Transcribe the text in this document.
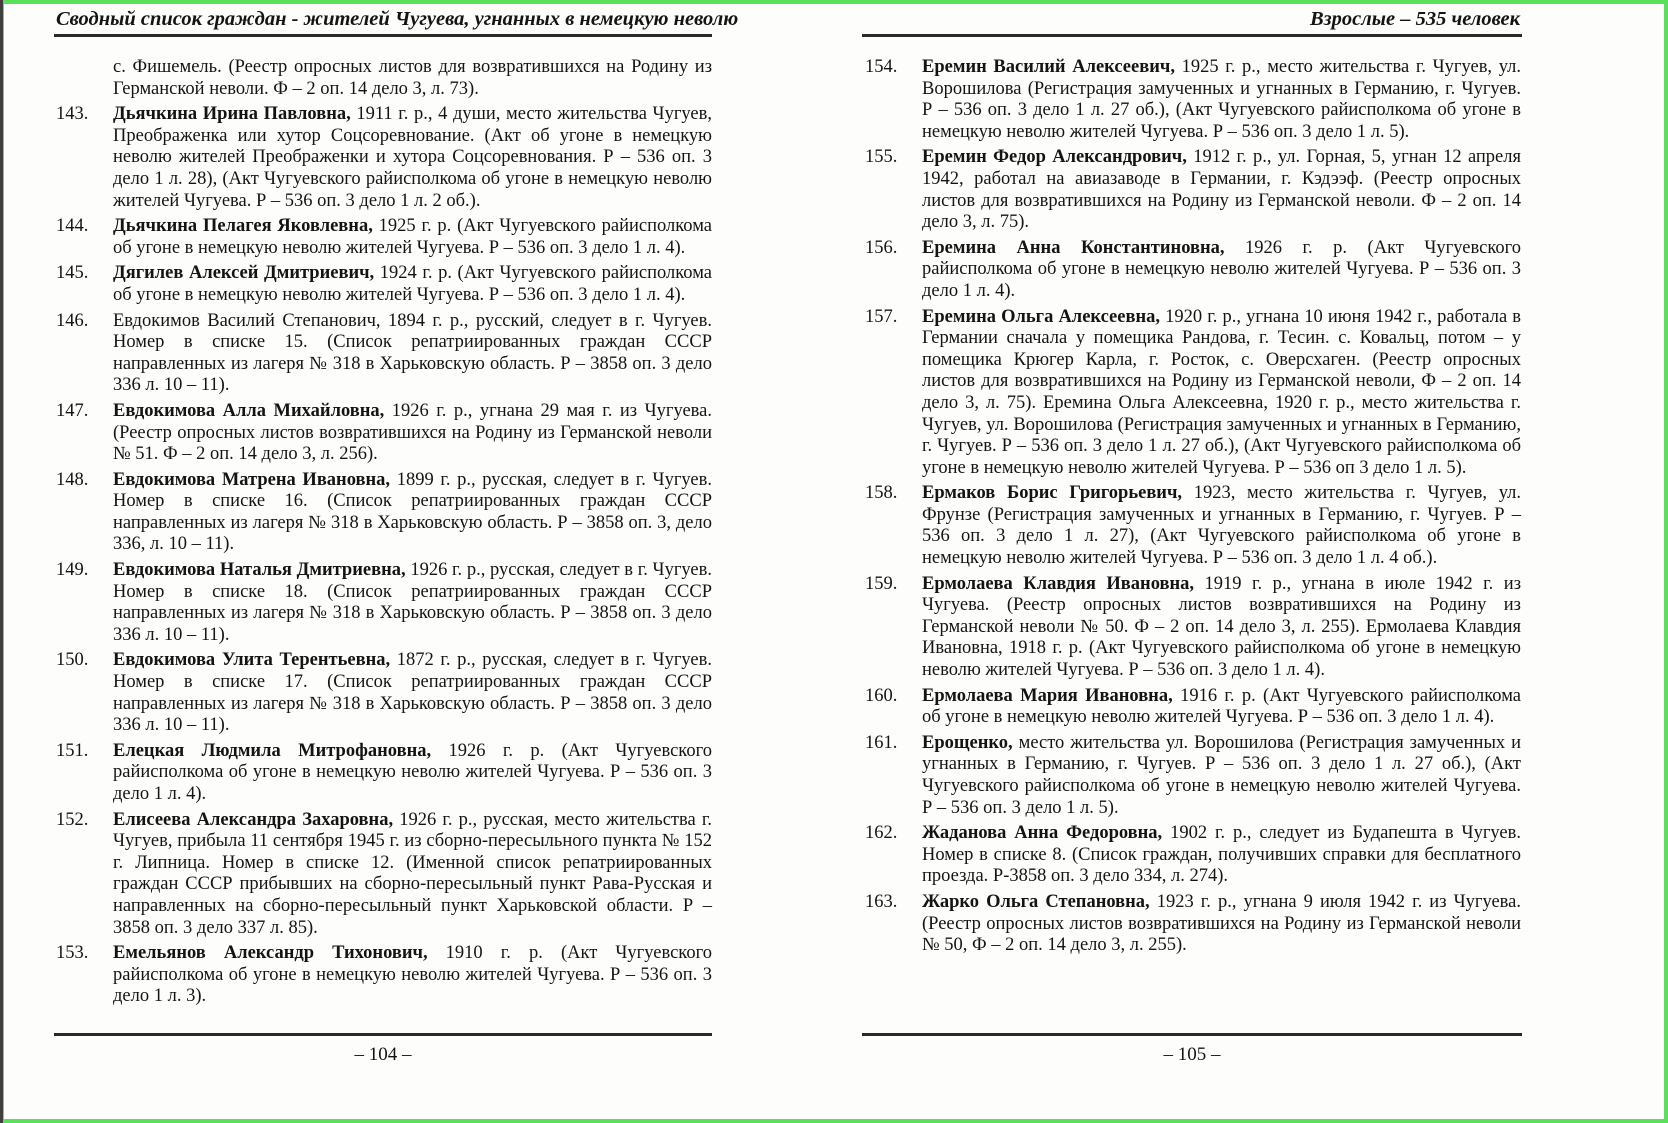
Сводный список граждан - жителей Чугуева, угнанных в немецкую неволю	Взрослые – 535 человек

с. Фишемель. (Реестр опросных листов для возвратившихся на Родину из Германской неволи. Ф – 2 оп. 14 дело 3, л. 73).

143.	Дьячкина Ирина Павловна, 1911 г. р., 4 души, место жительства Чугуев, Преображенка или хутор Соцсоревнование. (Акт об угоне в немецкую неволю жителей Преображенки и хутора Соцсоревнования. Р – 536 оп. 3 дело 1 л. 28), (Акт Чугуевского райисполкома об угоне в немецкую неволю жителей Чугуева. Р – 536 оп. 3 дело 1 л. 2 об.).

144.	Дьячкина Пелагея Яковлевна, 1925 г. р. (Акт Чугуевского райисполкома об угоне в немецкую неволю жителей Чугуева. Р – 536 оп. 3 дело 1 л. 4).

145.	Дягилев Алексей Дмитриевич, 1924 г. р. (Акт Чугуевского райисполкома об угоне в немецкую неволю жителей Чугуева. Р – 536 оп. 3 дело 1 л. 4).

146.	Евдокимов Василий Степанович, 1894 г. р., русский, следует в г. Чугуев. Номер в списке 15. (Список репатриированных граждан СССР направленных из лагеря № 318 в Харьковскую область. Р – 3858 оп. 3 дело 336 л. 10 – 11).

147.	Евдокимова Алла Михайловна, 1926 г. р., угнана 29 мая г. из Чугуева. (Реестр опросных листов возвратившихся на Родину из Германской неволи № 51. Ф – 2 оп. 14 дело 3, л. 256).

148.	Евдокимова Матрена Ивановна, 1899 г. р., русская, следует в г. Чугуев. Номер в списке 16. (Список репатриированных граждан СССР направленных из лагеря № 318 в Харьковскую область. Р – 3858 оп. 3, дело 336, л. 10 – 11).

149.	Евдокимова Наталья Дмитриевна, 1926 г. р., русская, следует в г. Чугуев. Номер в списке 18. (Список репатриированных граждан СССР направленных из лагеря № 318 в Харьковскую область. Р – 3858 оп. 3 дело 336 л. 10 – 11).

150.	Евдокимова Улита Терентьевна, 1872 г. р., русская, следует в г. Чугуев. Номер в списке 17. (Список репатриированных граждан СССР направленных из лагеря № 318 в Харьковскую область. Р – 3858 оп. 3 дело 336 л. 10 – 11).

151.	Елецкая Людмила Митрофановна, 1926 г. р. (Акт Чугуевского райисполкома об угоне в немецкую неволю жителей Чугуева. Р – 536 оп. 3 дело 1 л. 4).

152.	Елисеева Александра Захаровна, 1926 г. р., русская, место жительства г. Чугуев, прибыла 11 сентября 1945 г. из сборно-пересыльного пункта № 152 г. Липница. Номер в списке 12. (Именной список репатриированных граждан СССР прибывших на сборно-пересыльный пункт Рава-Русская и направленных на сборно-пересыльный пункт Харьковской области. Р – 3858 оп. 3 дело 337 л. 85).

153.	Емельянов Александр Тихонович, 1910 г. р. (Акт Чугуевского райисполкома об угоне в немецкую неволю жителей Чугуева. Р – 536 оп. 3 дело 1 л. 3).

154.	Еремин Василий Алексеевич, 1925 г. р., место жительства г. Чугуев, ул. Ворошилова (Регистрация замученных и угнанных в Германию, г. Чугуев. Р – 536 оп. 3 дело 1 л. 27 об.), (Акт Чугуевского райисполкома об угоне в немецкую неволю жителей Чугуева. Р – 536 оп. 3 дело 1 л. 5).

155.	Еремин Федор Александрович, 1912 г. р., ул. Горная, 5, угнан 12 апреля 1942, работал на авиазаводе в Германии, г. Кэдээф. (Реестр опросных листов для возвратившихся на Родину из Германской неволи. Ф – 2 оп. 14 дело 3, л. 75).

156.	Еремина Анна Константиновна, 1926 г. р. (Акт Чугуевского райисполкома об угоне в немецкую неволю жителей Чугуева. Р – 536 оп. 3 дело 1 л. 4).

157.	Еремина Ольга Алексеевна, 1920 г. р., угнана 10 июня 1942 г., работала в Германии сначала у помещика Рандова, г. Тесин. с. Ковальц, потом – у помещика Крюгер Карла, г. Росток, с. Оверсхаген. (Реестр опросных листов для возвратившихся на Родину из Германской неволи, Ф – 2 оп. 14 дело 3, л. 75). Еремина Ольга Алексеевна, 1920 г. р., место жительства г. Чугуев, ул. Ворошилова (Регистрация замученных и угнанных в Германию, г. Чугуев. Р – 536 оп. 3 дело 1 л. 27 об.), (Акт Чугуевского райисполкома об угоне в немецкую неволю жителей Чугуева. Р – 536 оп 3 дело 1 л. 5).

158.	Ермаков Борис Григорьевич, 1923, место жительства г. Чугуев, ул. Фрунзе (Регистрация замученных и угнанных в Германию, г. Чугуев. Р – 536 оп. 3 дело 1 л. 27), (Акт Чугуевского райисполкома об угоне в немецкую неволю жителей Чугуева. Р – 536 оп. 3 дело 1 л. 4 об.).

159.	Ермолаева Клавдия Ивановна, 1919 г. р., угнана в июле 1942 г. из Чугуева. (Реестр опросных листов возвратившихся на Родину из Германской неволи № 50. Ф – 2 оп. 14 дело 3, л. 255). Ермолаева Клавдия Ивановна, 1918 г. р. (Акт Чугуевского райисполкома об угоне в немецкую неволю жителей Чугуева. Р – 536 оп. 3 дело 1 л. 4).

160.	Ермолаева Мария Ивановна, 1916 г. р. (Акт Чугуевского райисполкома об угоне в немецкую неволю жителей Чугуева. Р – 536 оп. 3 дело 1 л. 4).

161.	Ерощенко, место жительства ул. Ворошилова (Регистрация замученных и угнанных в Германию, г. Чугуев. Р – 536 оп. 3 дело 1 л. 27 об.), (Акт Чугуевского райисполкома об угоне в немецкую неволю жителей Чугуева. Р – 536 оп. 3 дело 1 л. 5).

162.	Жаданова Анна Федоровна, 1902 г. р., следует из Будапешта в Чугуев. Номер в списке 8. (Список граждан, получивших справки для бесплатного проезда. Р-3858 оп. 3 дело 334, л. 274).

163.	Жарко Ольга Степановна, 1923 г. р., угнана 9 июля 1942 г. из Чугуева. (Реестр опросных листов возвратившихся на Родину из Германской неволи № 50, Ф – 2 оп. 14 дело 3, л. 255).

– 104 –	– 105 –
